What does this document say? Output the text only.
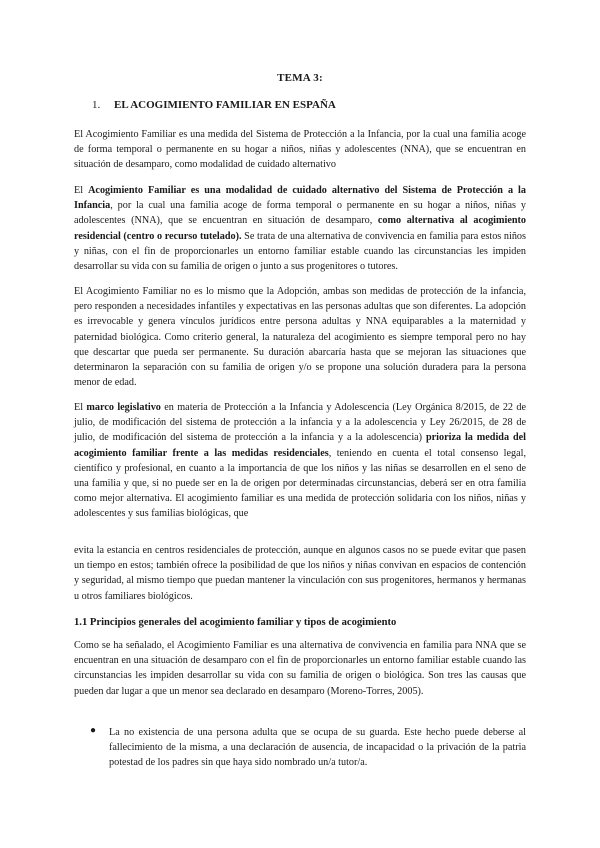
TEMA 3:
1. EL ACOGIMIENTO FAMILIAR EN ESPAÑA

El Acogimiento Familiar es una medida del Sistema de Protección a la Infancia, por la cual una familia acoge de forma temporal o permanente en su hogar a niños, niñas y adolescentes (NNA), que se encuentran en situación de desamparo, como modalidad de cuidado alternativo

El Acogimiento Familiar es una modalidad de cuidado alternativo del Sistema de Protección a la Infancia, por la cual una familia acoge de forma temporal o permanente en su hogar a niños, niñas y adolescentes (NNA), que se encuentran en situación de desamparo, como alternativa al acogimiento residencial (centro o recurso tutelado). Se trata de una alternativa de convivencia en familia para estos niños y niñas, con el fin de proporcionarles un entorno familiar estable cuando las circunstancias les impiden desarrollar su vida con su familia de origen o junto a sus progenitores o tutores.

El Acogimiento Familiar no es lo mismo que la Adopción, ambas son medidas de protección de la infancia, pero responden a necesidades infantiles y expectativas en las personas adultas que son diferentes. La adopción es irrevocable y genera vínculos jurídicos entre persona adultas y NNA equiparables a la maternidad y paternidad biológica. Como criterio general, la naturaleza del acogimiento es siempre temporal pero no hay que descartar que pueda ser permanente. Su duración abarcaría hasta que se mejoran las situaciones que determinaron la separación con su familia de origen y/o se propone una solución duradera para la persona menor de edad.

El marco legislativo en materia de Protección a la Infancia y Adolescencia (Ley Orgánica 8/2015, de 22 de julio, de modificación del sistema de protección a la infancia y a la adolescencia y Ley 26/2015, de 28 de julio, de modificación del sistema de protección a la infancia y a la adolescencia) prioriza la medida del acogimiento familiar frente a las medidas residenciales, teniendo en cuenta el total consenso legal, científico y profesional, en cuanto a la importancia de que los niños y las niñas se desarrollen en el seno de una familia y que, si no puede ser en la de origen por determinadas circunstancias, deberá ser en otra familia como mejor alternativa. El acogimiento familiar es una medida de protección solidaria con los niños, niñas y adolescentes y sus familias biológicas, que

evita la estancia en centros residenciales de protección, aunque en algunos casos no se puede evitar que pasen un tiempo en estos; también ofrece la posibilidad de que los niños y niñas convivan en espacios de contención y seguridad, al mismo tiempo que puedan mantener la vinculación con sus progenitores, hermanos y hermanas u otros familiares biológicos.

1.1 Principios generales del acogimiento familiar y tipos de acogimiento

Como se ha señalado, el Acogimiento Familiar es una alternativa de convivencia en familia para NNA que se encuentran en una situación de desamparo con el fin de proporcionarles un entorno familiar estable cuando las circunstancias les impiden desarrollar su vida con su familia de origen o biológica. Son tres las causas que pueden dar lugar a que un menor sea declarado en desamparo (Moreno-Torres, 2005).

●	La no existencia de una persona adulta que se ocupa de su guarda. Este hecho puede deberse al fallecimiento de la misma, a una declaración de ausencia, de incapacidad o la privación de la patria potestad de los padres sin que haya sido nombrado un/a tutor/a.
